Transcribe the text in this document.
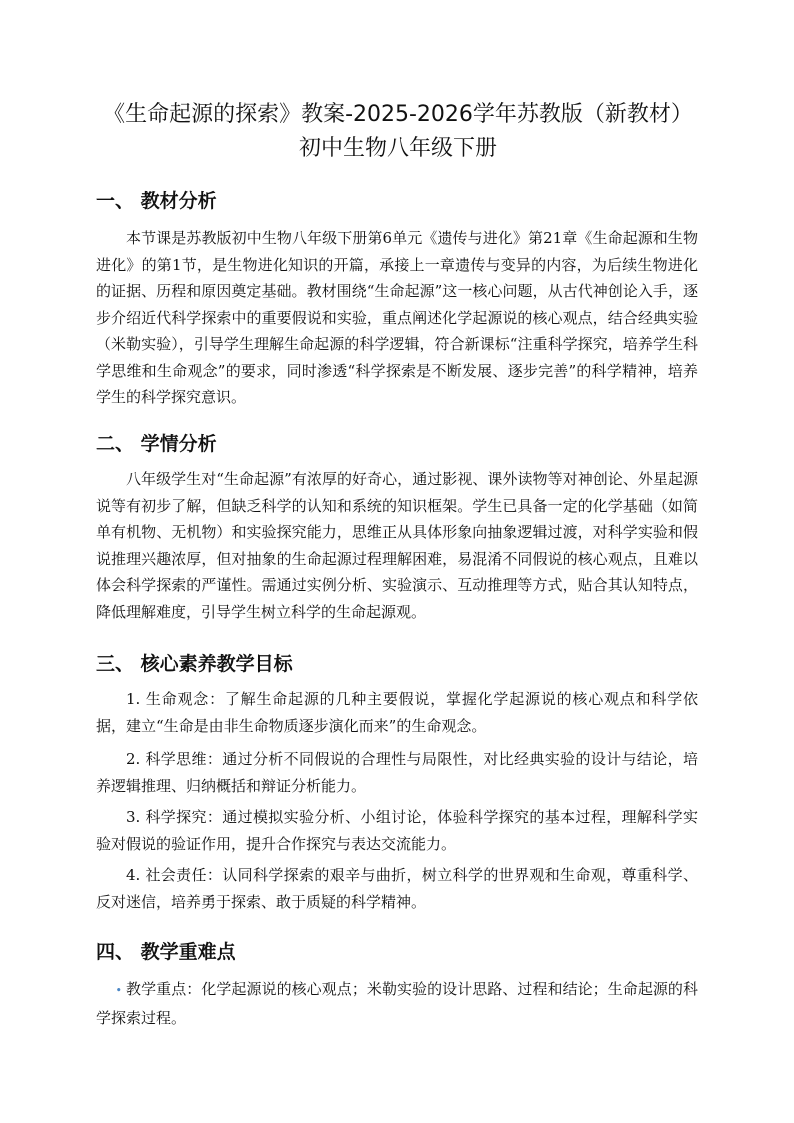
《生命起源的探索》教案-2025-2026学年苏教版（新教材）初中生物八年级下册
一、 教材分析

本节课是苏教版初中生物八年级下册第6单元《遗传与进化》第21章《生命起源和生物进化》的第1节，是生物进化知识的开篇，承接上一章遗传与变异的内容，为后续生物进化的证据、历程和原因奠定基础。教材围绕“生命起源”这一核心问题，从古代神创论入手，逐步介绍近代科学探索中的重要假说和实验，重点阐述化学起源说的核心观点，结合经典实验（米勒实验），引导学生理解生命起源的科学逻辑，符合新课标“注重科学探究，培养学生科学思维和生命观念”的要求，同时渗透“科学探索是不断发展、逐步完善”的科学精神，培养学生的科学探究意识。

二、 学情分析

八年级学生对“生命起源”有浓厚的好奇心，通过影视、课外读物等对神创论、外星起源说等有初步了解，但缺乏科学的认知和系统的知识框架。学生已具备一定的化学基础（如简单有机物、无机物）和实验探究能力，思维正从具体形象向抽象逻辑过渡，对科学实验和假说推理兴趣浓厚，但对抽象的生命起源过程理解困难，易混淆不同假说的核心观点，且难以体会科学探索的严谨性。需通过实例分析、实验演示、互动推理等方式，贴合其认知特点，降低理解难度，引导学生树立科学的生命起源观。

三、 核心素养教学目标

1. 生命观念：了解生命起源的几种主要假说，掌握化学起源说的核心观点和科学依据，建立“生命是由非生命物质逐步演化而来”的生命观念。

2. 科学思维：通过分析不同假说的合理性与局限性，对比经典实验的设计与结论，培养逻辑推理、归纳概括和辩证分析能力。

3. 科学探究：通过模拟实验分析、小组讨论，体验科学探究的基本过程，理解科学实验对假说的验证作用，提升合作探究与表达交流能力。

4. 社会责任：认同科学探索的艰辛与曲折，树立科学的世界观和生命观，尊重科学、反对迷信，培养勇于探索、敢于质疑的科学精神。

四、 教学重难点
• 教学重点：化学起源说的核心观点；米勒实验的设计思路、过程和结论；生命起源的科学探索过程。
